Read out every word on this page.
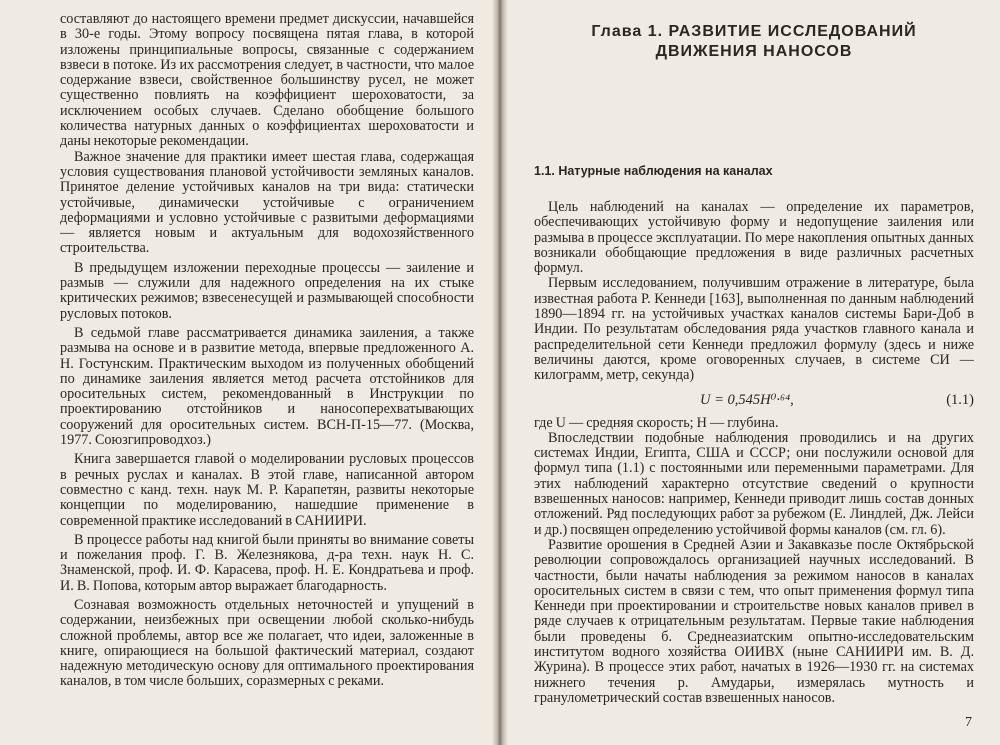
составляют до настоящего времени предмет дискуссии, начавшейся в 30-е годы. Этому вопросу посвящена пятая глава, в которой изложены принципиальные вопросы, связанные с содержанием взвеси в потоке. Из их рассмотрения следует, в частности, что малое содержание взвеси, свойственное большинству русел, не может существенно повлиять на коэффициент шероховатости, за исключением особых случаев. Сделано обобщение большого количества натурных данных о коэффициентах шероховатости и даны некоторые рекомендации.

Важное значение для практики имеет шестая глава, содержащая условия существования плановой устойчивости земляных каналов. Принятое деление устойчивых каналов на три вида: статически устойчивые, динамически устойчивые с ограничением деформациями и условно устойчивые с развитыми деформациями — является новым и актуальным для водохозяйственного строительства.

В предыдущем изложении переходные процессы — заиление и размыв — служили для надежного определения на их стыке критических режимов; взвесенесущей и размывающей способности русловых потоков.

В седьмой главе рассматривается динамика заиления, а также размыва на основе и в развитие метода, впервые предложенного А. Н. Гостунским. Практическим выходом из полученных обобщений по динамике заиления является метод расчета отстойников для оросительных систем, рекомендованный в Инструкции по проектированию отстойников и наносоперехватывающих сооружений для оросительных систем. ВСН-П-15—77. (Москва, 1977. Союзгипроводхоз.)

Книга завершается главой о моделировании русловых процессов в речных руслах и каналах. В этой главе, написанной автором совместно с канд. техн. наук М. Р. Карапетян, развиты некоторые концепции по моделированию, нашедшие применение в современной практике исследований в САНИИРИ.

В процессе работы над книгой были приняты во внимание советы и пожелания проф. Г. В. Железнякова, д-ра техн. наук Н. С. Знаменской, проф. И. Ф. Карасева, проф. Н. Е. Кондратьева и проф. И. В. Попова, которым автор выражает благодарность.

Сознавая возможность отдельных неточностей и упущений в содержании, неизбежных при освещении любой сколько-нибудь сложной проблемы, автор все же полагает, что идеи, заложенные в книге, опирающиеся на большой фактический материал, создают надежную методическую основу для оптимального проектирования каналов, в том числе больших, соразмерных с реками.

Глава 1. РАЗВИТИЕ ИССЛЕДОВАНИЙ

ДВИЖЕНИЯ НАНОСОВ

1.1. Натурные наблюдения на каналах

Цель наблюдений на каналах — определение их параметров, обеспечивающих устойчивую форму и недопущение заиления или размыва в процессе эксплуатации. По мере накопления опытных данных возникали обобщающие предложения в виде различных расчетных формул.

Первым исследованием, получившим отражение в литературе, была известная работа Р. Кеннеди [163], выполненная по данным наблюдений 1890—1894 гг. на устойчивых участках каналов системы Бари-Доб в Индии. По результатам обследования ряда участков главного канала и распределительной сети Кеннеди предложил формулу (здесь и ниже величины даются, кроме оговоренных случаев, в системе СИ — килограмм, метр, секунда)

U = 0,545H⁰·⁶⁴,	(1.1)

где U — средняя скорость; H — глубина.

Впоследствии подобные наблюдения проводились и на других системах Индии, Египта, США и СССР; они послужили основой для формул типа (1.1) с постоянными или переменными параметрами. Для этих наблюдений характерно отсутствие сведений о крупности взвешенных наносов: например, Кеннеди приводит лишь состав донных отложений. Ряд последующих работ за рубежом (Е. Линдлей, Дж. Лейси и др.) посвящен определению устойчивой формы каналов (см. гл. 6).

Развитие орошения в Средней Азии и Закавказье после Октябрьской революции сопровождалось организацией научных исследований. В частности, были начаты наблюдения за режимом наносов в каналах оросительных систем в связи с тем, что опыт применения формул типа Кеннеди при проектировании и строительстве новых каналов привел в ряде случаев к отрицательным результатам. Первые такие наблюдения были проведены б. Среднеазиатским опытно-исследовательским институтом водного хозяйства ОИИВХ (ныне САНИИРИ им. В. Д. Журина). В процессе этих работ, начатых в 1926—1930 гг. на системах нижнего течения р. Амударьи, измерялась мутность и гранулометрический состав взвешенных наносов.

7
